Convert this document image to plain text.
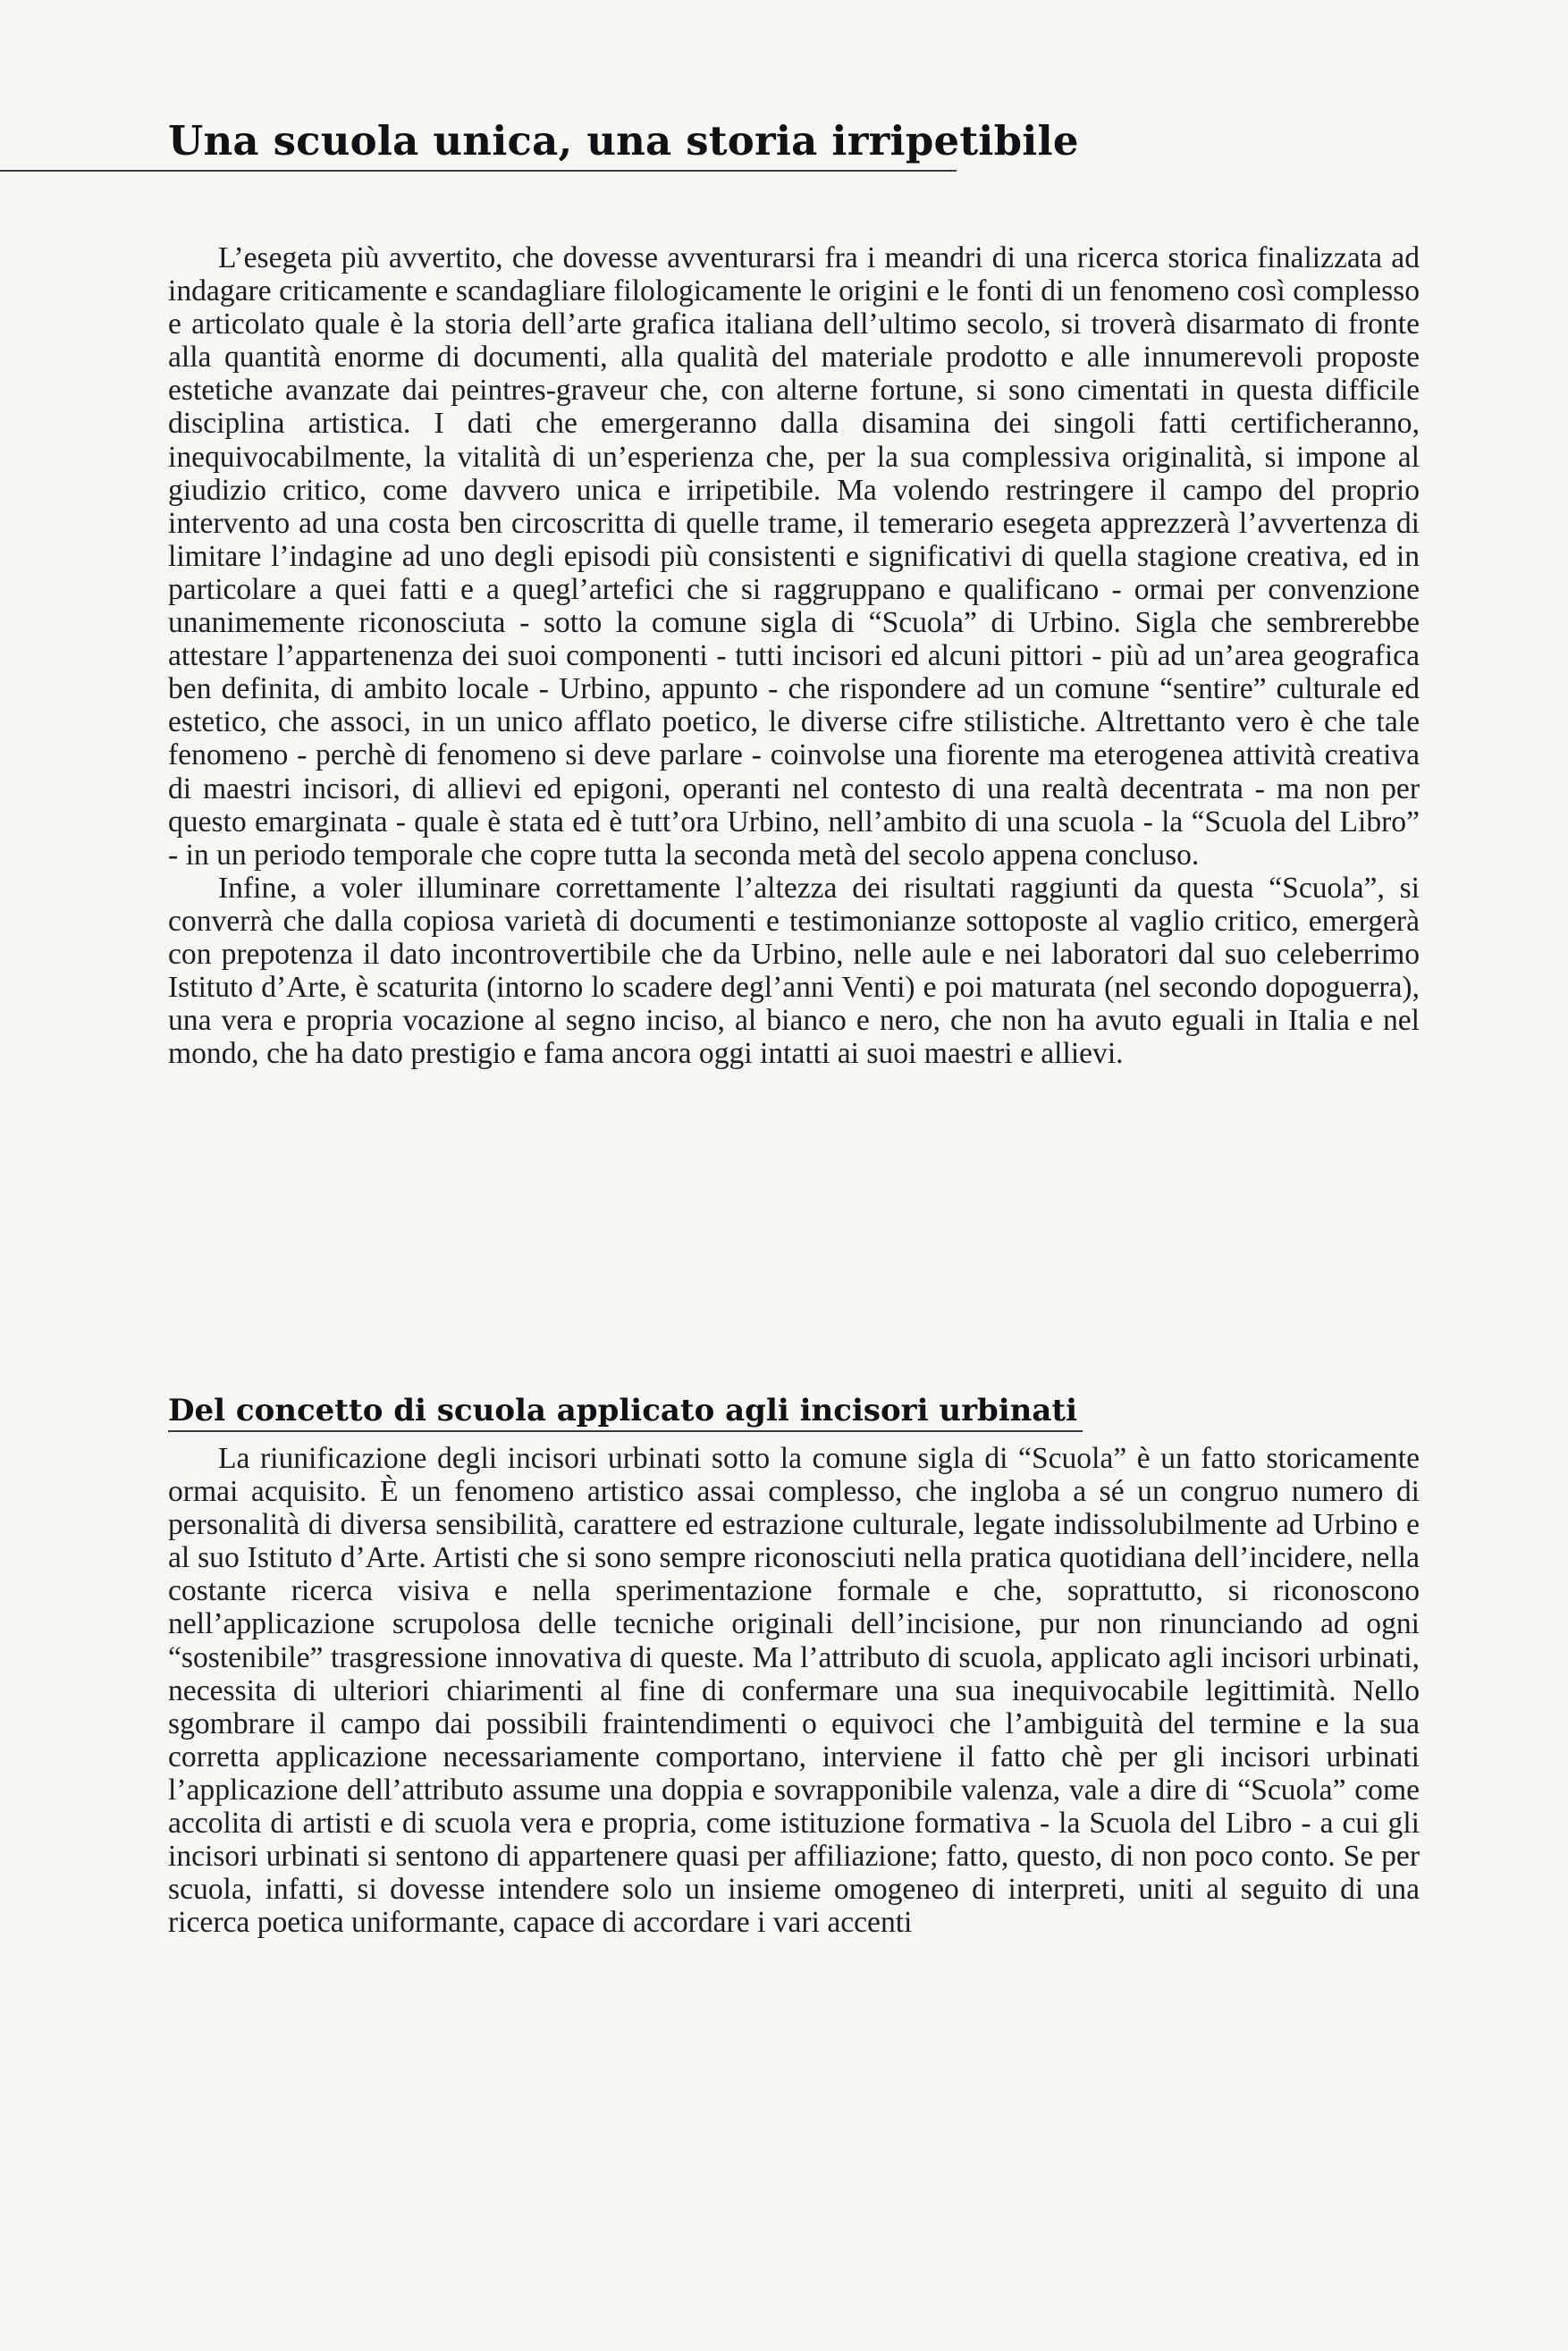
Una scuola unica, una storia irripetibile

L’esegeta più avvertito, che dovesse avventurarsi fra i meandri di una ricerca storica finalizzata ad indagare criticamente e scandagliare filologicamente le origini e le fonti di un fenomeno così complesso e articolato quale è la storia dell’arte grafica italiana dell’ultimo secolo, si troverà disarmato di fronte alla quantità enorme di documenti, alla qualità del materiale prodotto e alle innumerevoli proposte estetiche avanzate dai peintres-graveur che, con alterne fortune, si sono cimentati in questa difficile disciplina artistica. I dati che emergeranno dalla disamina dei singoli fatti certificheranno, inequivocabilmente, la vitalità di un’esperienza che, per la sua complessiva originalità, si impone al giudizio critico, come davvero unica e irripetibile. Ma volendo restringere il campo del proprio intervento ad una costa ben circoscritta di quelle trame, il temerario esegeta apprezzerà l’avvertenza di limitare l’indagine ad uno degli episodi più consistenti e significativi di quella stagione creativa, ed in particolare a quei fatti e a quegl’artefici che si raggruppano e qualificano - ormai per convenzione unanimemente riconosciuta - sotto la comune sigla di “Scuola” di Urbino. Sigla che sembrerebbe attestare l’appartenenza dei suoi componenti - tutti incisori ed alcuni pittori - più ad un’area geografica ben definita, di ambito locale - Urbino, appunto - che rispondere ad un comune “sentire” culturale ed estetico, che associ, in un unico afflato poetico, le diverse cifre stilistiche. Altrettanto vero è che tale fenomeno - perchè di fenomeno si deve parlare - coinvolse una fiorente ma eterogenea attività creativa di maestri incisori, di allievi ed epigoni, operanti nel contesto di una realtà decentrata - ma non per questo emarginata - quale è stata ed è tutt’ora Urbino, nell’ambito di una scuola - la “Scuola del Libro” - in un periodo temporale che copre tutta la seconda metà del secolo appena concluso.

Infine, a voler illuminare correttamente l’altezza dei risultati raggiunti da questa “Scuola”, si converrà che dalla copiosa varietà di documenti e testimonianze sottoposte al vaglio critico, emergerà con prepotenza il dato incontrovertibile che da Urbino, nelle aule e nei laboratori dal suo celeberrimo Istituto d’Arte, è scaturita (intorno lo scadere degl’anni Venti) e poi maturata (nel secondo dopoguerra), una vera e propria vocazione al segno inciso, al bianco e nero, che non ha avuto eguali in Italia e nel mondo, che ha dato prestigio e fama ancora oggi intatti ai suoi maestri e allievi.

Del concetto di scuola applicato agli incisori urbinati

La riunificazione degli incisori urbinati sotto la comune sigla di “Scuola” è un fatto storicamente ormai acquisito. È un fenomeno artistico assai complesso, che ingloba a sé un congruo numero di personalità di diversa sensibilità, carattere ed estrazione culturale, legate indissolubilmente ad Urbino e al suo Istituto d’Arte. Artisti che si sono sempre riconosciuti nella pratica quotidiana dell’incidere, nella costante ricerca visiva e nella sperimentazione formale e che, soprattutto, si riconoscono nell’applicazione scrupolosa delle tecniche originali dell’incisione, pur non rinunciando ad ogni “sostenibile” trasgressione innovativa di queste. Ma l’attributo di scuola, applicato agli incisori urbinati, necessita di ulteriori chiarimenti al fine di confermare una sua inequivocabile legittimità. Nello sgombrare il campo dai possibili fraintendimenti o equivoci che l’ambiguità del termine e la sua corretta applicazione necessariamente comportano, interviene il fatto chè per gli incisori urbinati l’applicazione dell’attributo assume una doppia e sovrapponibile valenza, vale a dire di “Scuola” come accolita di artisti e di scuola vera e propria, come istituzione formativa - la Scuola del Libro - a cui gli incisori urbinati si sentono di appartenere quasi per affiliazione; fatto, questo, di non poco conto. Se per scuola, infatti, si dovesse intendere solo un insieme omogeneo di interpreti, uniti al seguito di una ricerca poetica uniformante, capace di accordare i vari accenti
